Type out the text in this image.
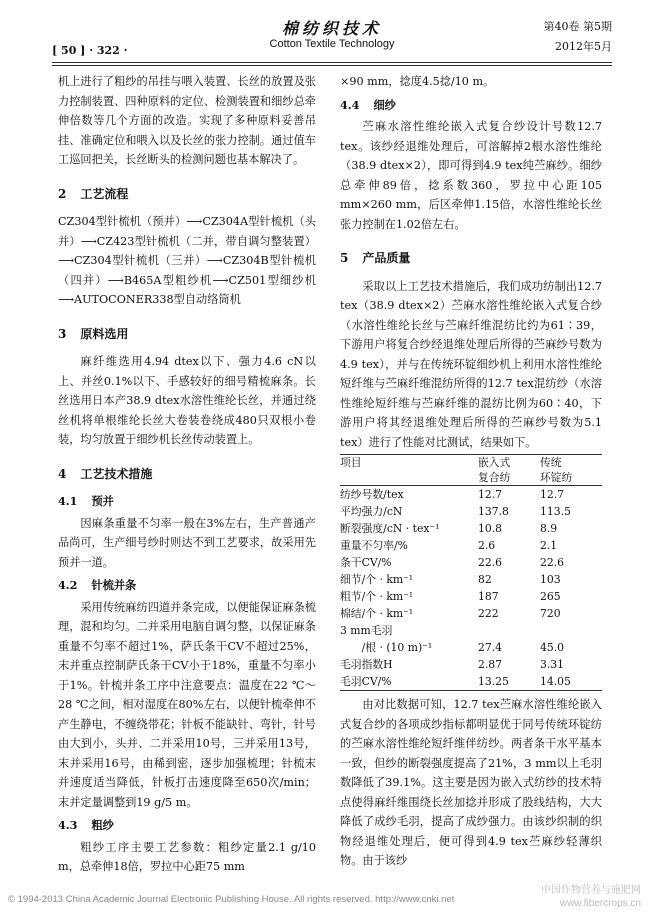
[ 50 ] · 322 ·
棉纺织技术
Cotton Textile Technology
第40卷 第5期
2012年5月

机上进行了粗纱的吊挂与喂入装置、长丝的放置及张力控制装置、四种原料的定位、检测装置和细纱总牵伸倍数等几个方面的改造。实现了多种原料妥善吊挂、准确定位和喂入以及长丝的张力控制。通过值车工巡回把关，长丝断头的检测问题也基本解决了。

2 工艺流程

CZ304型针梳机（预并）⟶CZ304A型针梳机（头并）⟶CZ423型针梳机（二并，带自调匀整装置）⟶CZ304型针梳机（三并）⟶CZ304B型针梳机（四并）⟶B465A型粗纱机⟶CZ501型细纱机⟶AUTOCONER338型自动络筒机

3 原料选用

麻纤维选用4.94 dtex以下、强力4.6 cN以上、并丝0.1%以下、手感较好的细号精梳麻条。长丝选用日本产38.9 dtex水溶性维纶长丝，并通过绕丝机将单根维纶长丝大卷装卷绕成480只双根小卷装，均匀放置于细纱机长丝传动装置上。

4 工艺技术措施
4.1 预并

因麻条重量不匀率一般在3%左右，生产普通产品尚可，生产细号纱时则达不到工艺要求，故采用先预并一道。

4.2 针梳并条

采用传统麻纺四道并条完成，以便能保证麻条梳理，混和均匀。二并采用电脑自调匀整，以保证麻条重量不匀率不超过1%，萨氏条干CV不超过25%，末并重点控制萨氏条干CV小于18%，重量不匀率小于1%。针梳并条工序中注意要点：温度在22 ℃～28 ℃之间，相对湿度在80%左右，以便针梳牵伸不产生静电，不缠绕带花；针板不能缺针、弯针，针号由大到小，头并、二并采用10号，三并采用13号，末并采用16号，由稀到密，逐步加强梳理；针梳末并速度适当降低，针板打击速度降至650次/min；末并定量调整到19 g/5 m。

4.3 粗纱

粗纱工序主要工艺参数：粗纱定量2.1 g/10 m，总牵伸18倍，罗拉中心距75 mm

×90 mm，捻度4.5捻/10 m。

4.4 细纱

苎麻水溶性维纶嵌入式复合纱设计号数12.7 tex。该纱经退维处理后，可溶解掉2根水溶性维纶（38.9 dtex×2），即可得到4.9 tex纯苎麻纱。细纱总牵伸89倍，捻系数360，罗拉中心距105 mm×260 mm，后区牵伸1.15倍，水溶性维纶长丝张力控制在1.02倍左右。

5 产品质量

采取以上工艺技术措施后，我们成功纺制出12.7 tex（38.9 dtex×2）苎麻水溶性维纶嵌入式复合纱（水溶性维纶长丝与苎麻纤维混纺比约为61∶39，下游用户将复合纱经退维处理后所得的苎麻纱号数为4.9 tex），并与在传统环锭细纱机上利用水溶性维纶短纤维与苎麻纤维混纺所得的12.7 tex混纺纱（水溶性维纶短纤维与苎麻纤维的混纺比例为60∶40，下游用户将其经退维处理后所得的苎麻纱号数为5.1 tex）进行了性能对比测试，结果如下。

项目	嵌入式	传统
	复合纺	环锭纺

纺纱号数/tex	12.7	12.7
平均强力/cN	137.8	113.5
断裂强度/cN · tex⁻¹	10.8	8.9
重量不匀率/%	2.6	2.1
条干CV/%	22.6	22.6
细节/个 · km⁻¹	82	103
粗节/个 · km⁻¹	187	265
棉结/个 · km⁻¹	222	720
3 mm毛羽		
　　/根 · (10 m)⁻¹	27.4	45.0
毛羽指数H	2.87	3.31
毛羽CV/%	13.25	14.05

由对比数据可知，12.7 tex苎麻水溶性维纶嵌入式复合纱的各项成纱指标都明显优于同号传统环锭纺的苎麻水溶性维纶短纤维伴纺纱。两者条干水平基本一致，但纱的断裂强度提高了21%，3 mm以上毛羽数降低了39.1%。这主要是因为嵌入式纺纱的技术特点使得麻纤维围绕长丝加捻并形成了股线结构，大大降低了成纱毛羽，提高了成纱强力。由该纱织制的织物经退维处理后，便可得到4.9 tex苎麻纱轻薄织物。由于该纱

© 1994-2013 China Academic Journal Electronic Publishing House. All rights reserved. http://www.cnki.net
中国作物营养与施肥网
www.fibercrops.cn
